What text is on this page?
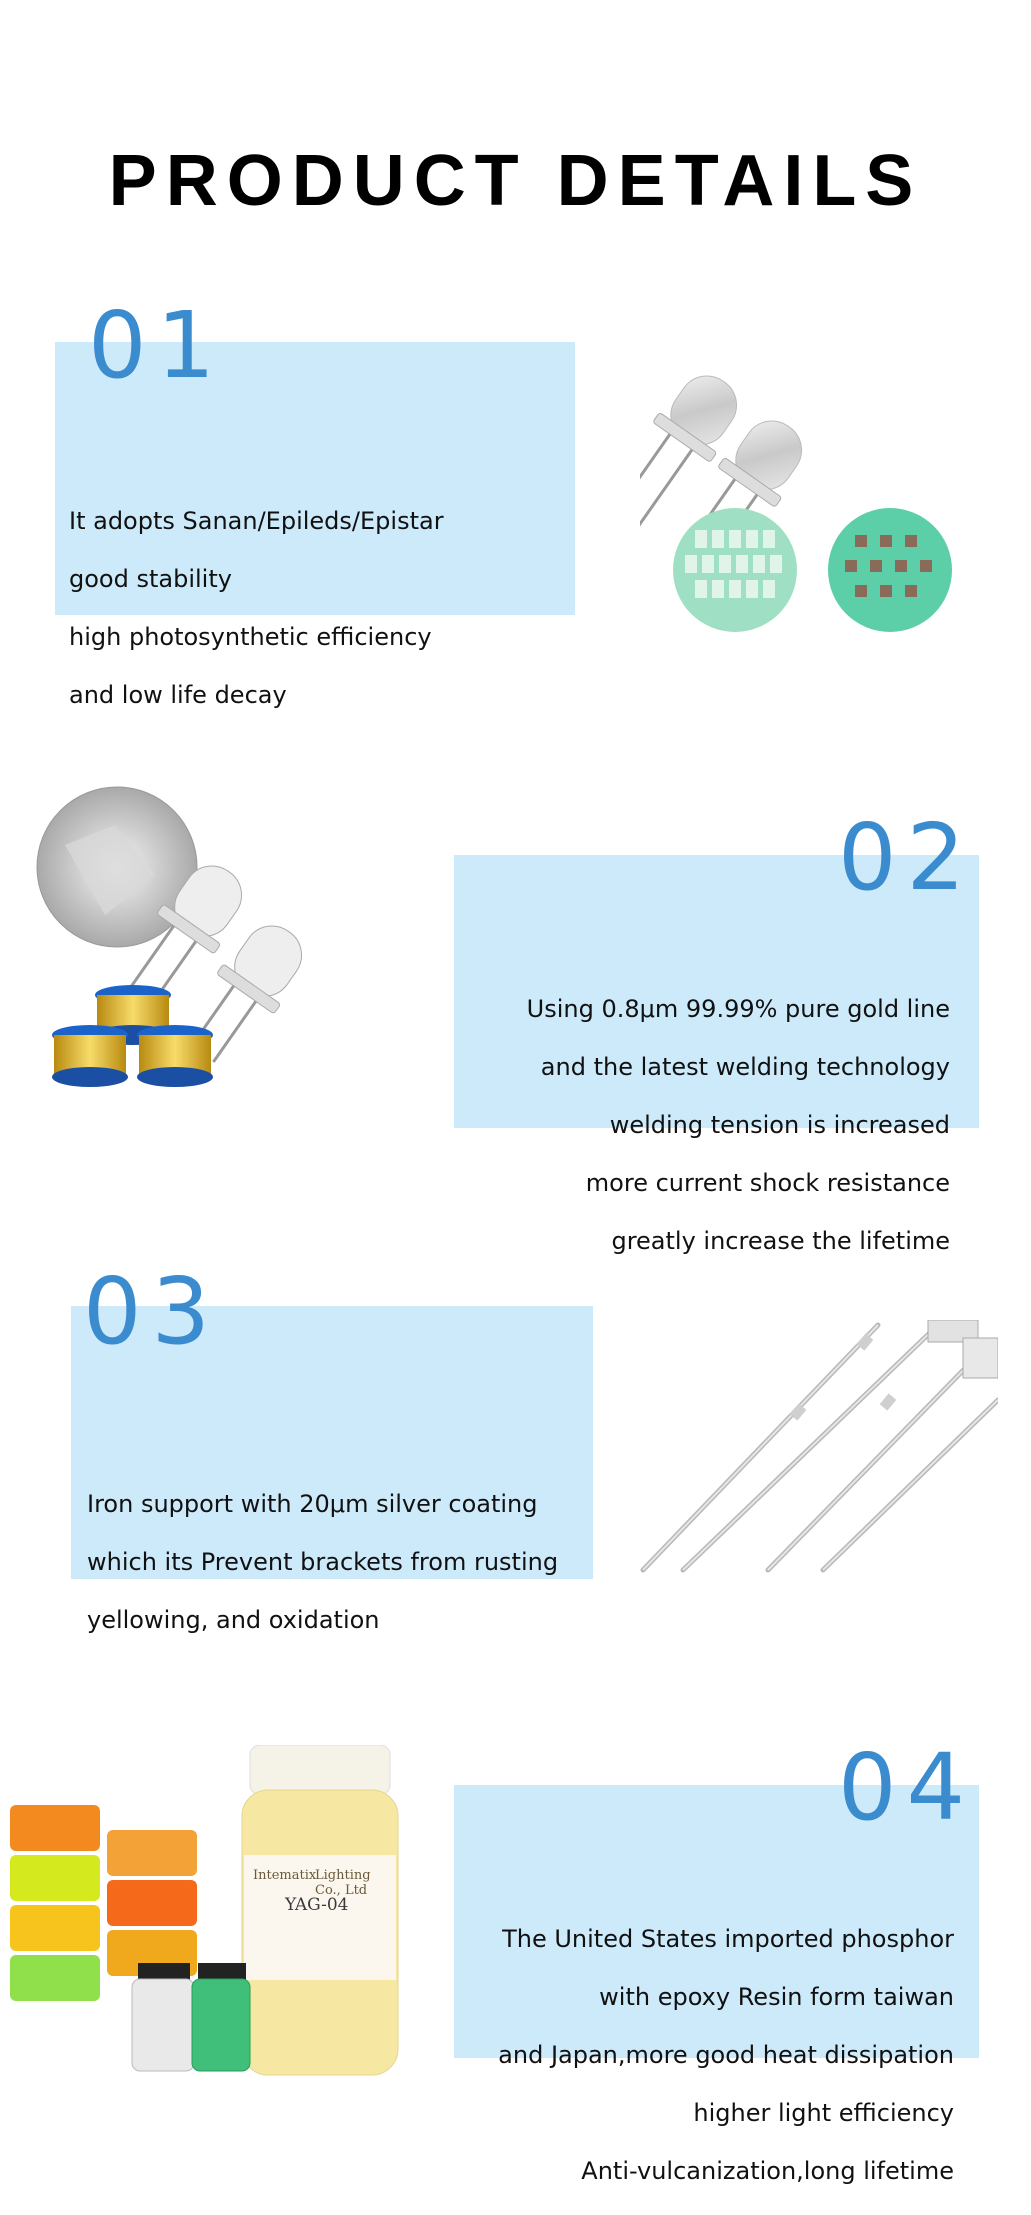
PRODUCT DETAILS
01

It adopts Sanan/Epileds/Epistar

good stability

high photosynthetic efficiency

and low life decay

02

Using 0.8μm 99.99% pure gold line

and the latest welding technology

welding tension is increased

more current shock resistance

greatly increase the lifetime

03

Iron support with 20μm silver coating

which its Prevent brackets from rusting

yellowing, and oxidation

04

The United States imported phosphor

with epoxy Resin form taiwan

and Japan,more good heat dissipation

higher light efficiency

Anti-vulcanization,long lifetime

Intematix
Lighting Co., Ltd
YAG-04
